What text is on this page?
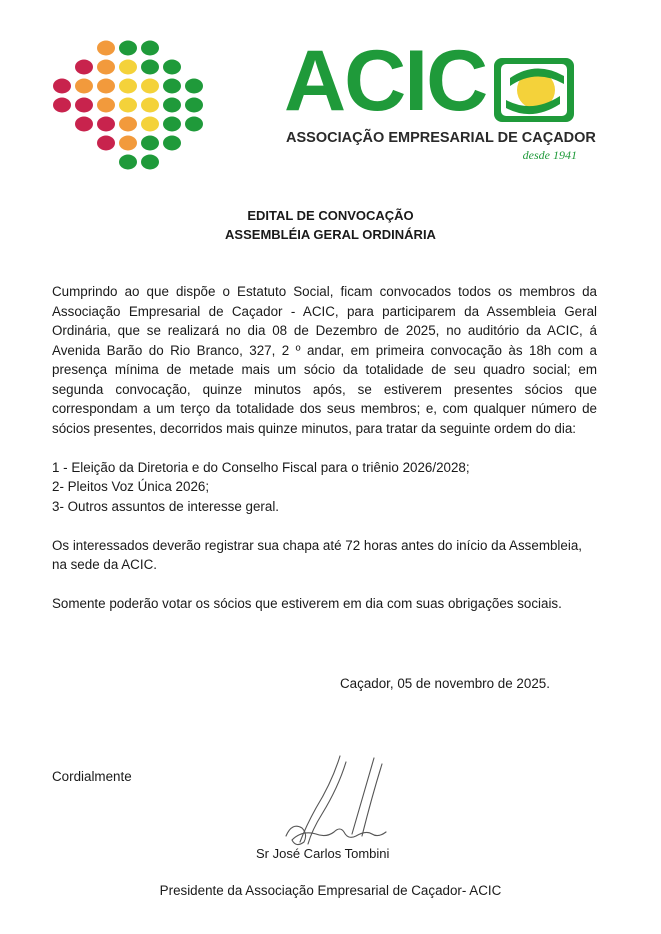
ACIC
ASSOCIAÇÃO EMPRESARIAL DE CAÇADOR
desde 1941
EDITAL DE CONVOCAÇÃO
ASSEMBLÉIA GERAL ORDINÁRIA

Cumprindo ao que dispõe o Estatuto Social, ficam convocados todos os membros da Associação Empresarial de Caçador - ACIC, para participarem da Assembleia Geral Ordinária, que se realizará no dia 08 de Dezembro de 2025, no auditório da ACIC, á Avenida Barão do Rio Branco, 327, 2 º andar, em primeira convocação às 18h com a presença mínima de metade mais um sócio da totalidade de seu quadro social; em segunda convocação, quinze minutos após, se estiverem presentes sócios que correspondam a um terço da totalidade dos seus membros; e, com qualquer número de sócios presentes, decorridos mais quinze minutos, para tratar da seguinte ordem do dia:

1 - Eleição da Diretoria e do Conselho Fiscal para o triênio 2026/2028;

2- Pleitos Voz Única 2026;

3- Outros assuntos de interesse geral.

Os interessados deverão registrar sua chapa até 72 horas antes do início da Assembleia, na sede da ACIC.

Somente poderão votar os sócios que estiverem em dia com suas obrigações sociais.

Caçador, 05 de novembro de 2025.
Cordialmente
Sr José Carlos Tombini
Presidente da Associação Empresarial de Caçador- ACIC
